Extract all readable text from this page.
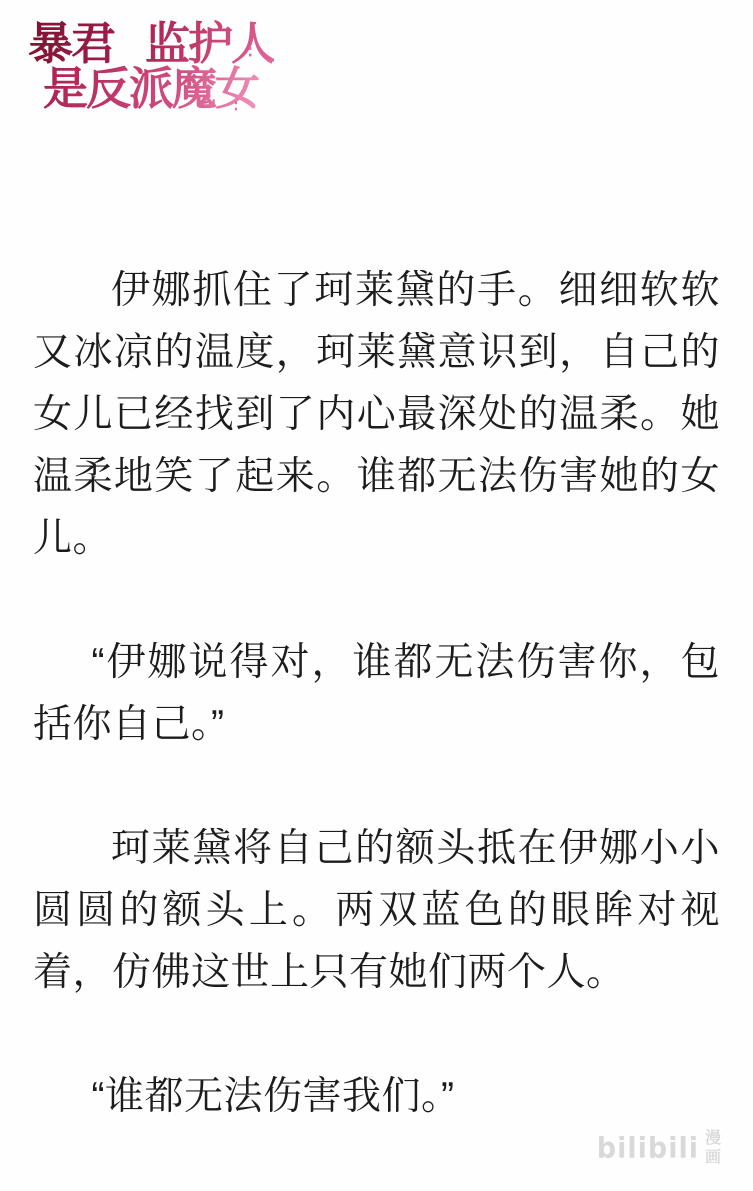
暴君 的 监护人
是反派魔女
∶
∶

伊娜抓住了珂莱黛的手。细细软软又冰凉的温度，珂莱黛意识到，自己的女儿已经找到了内心最深处的温柔。她温柔地笑了起来。谁都无法伤害她的女儿。

“伊娜说得对，谁都无法伤害你，包括你自己。”

珂莱黛将自己的额头抵在伊娜小小圆圆的额头上。两双蓝色的眼眸对视着，仿佛这世上只有她们两个人。

“谁都无法伤害我们。”

bilibili 漫
画
